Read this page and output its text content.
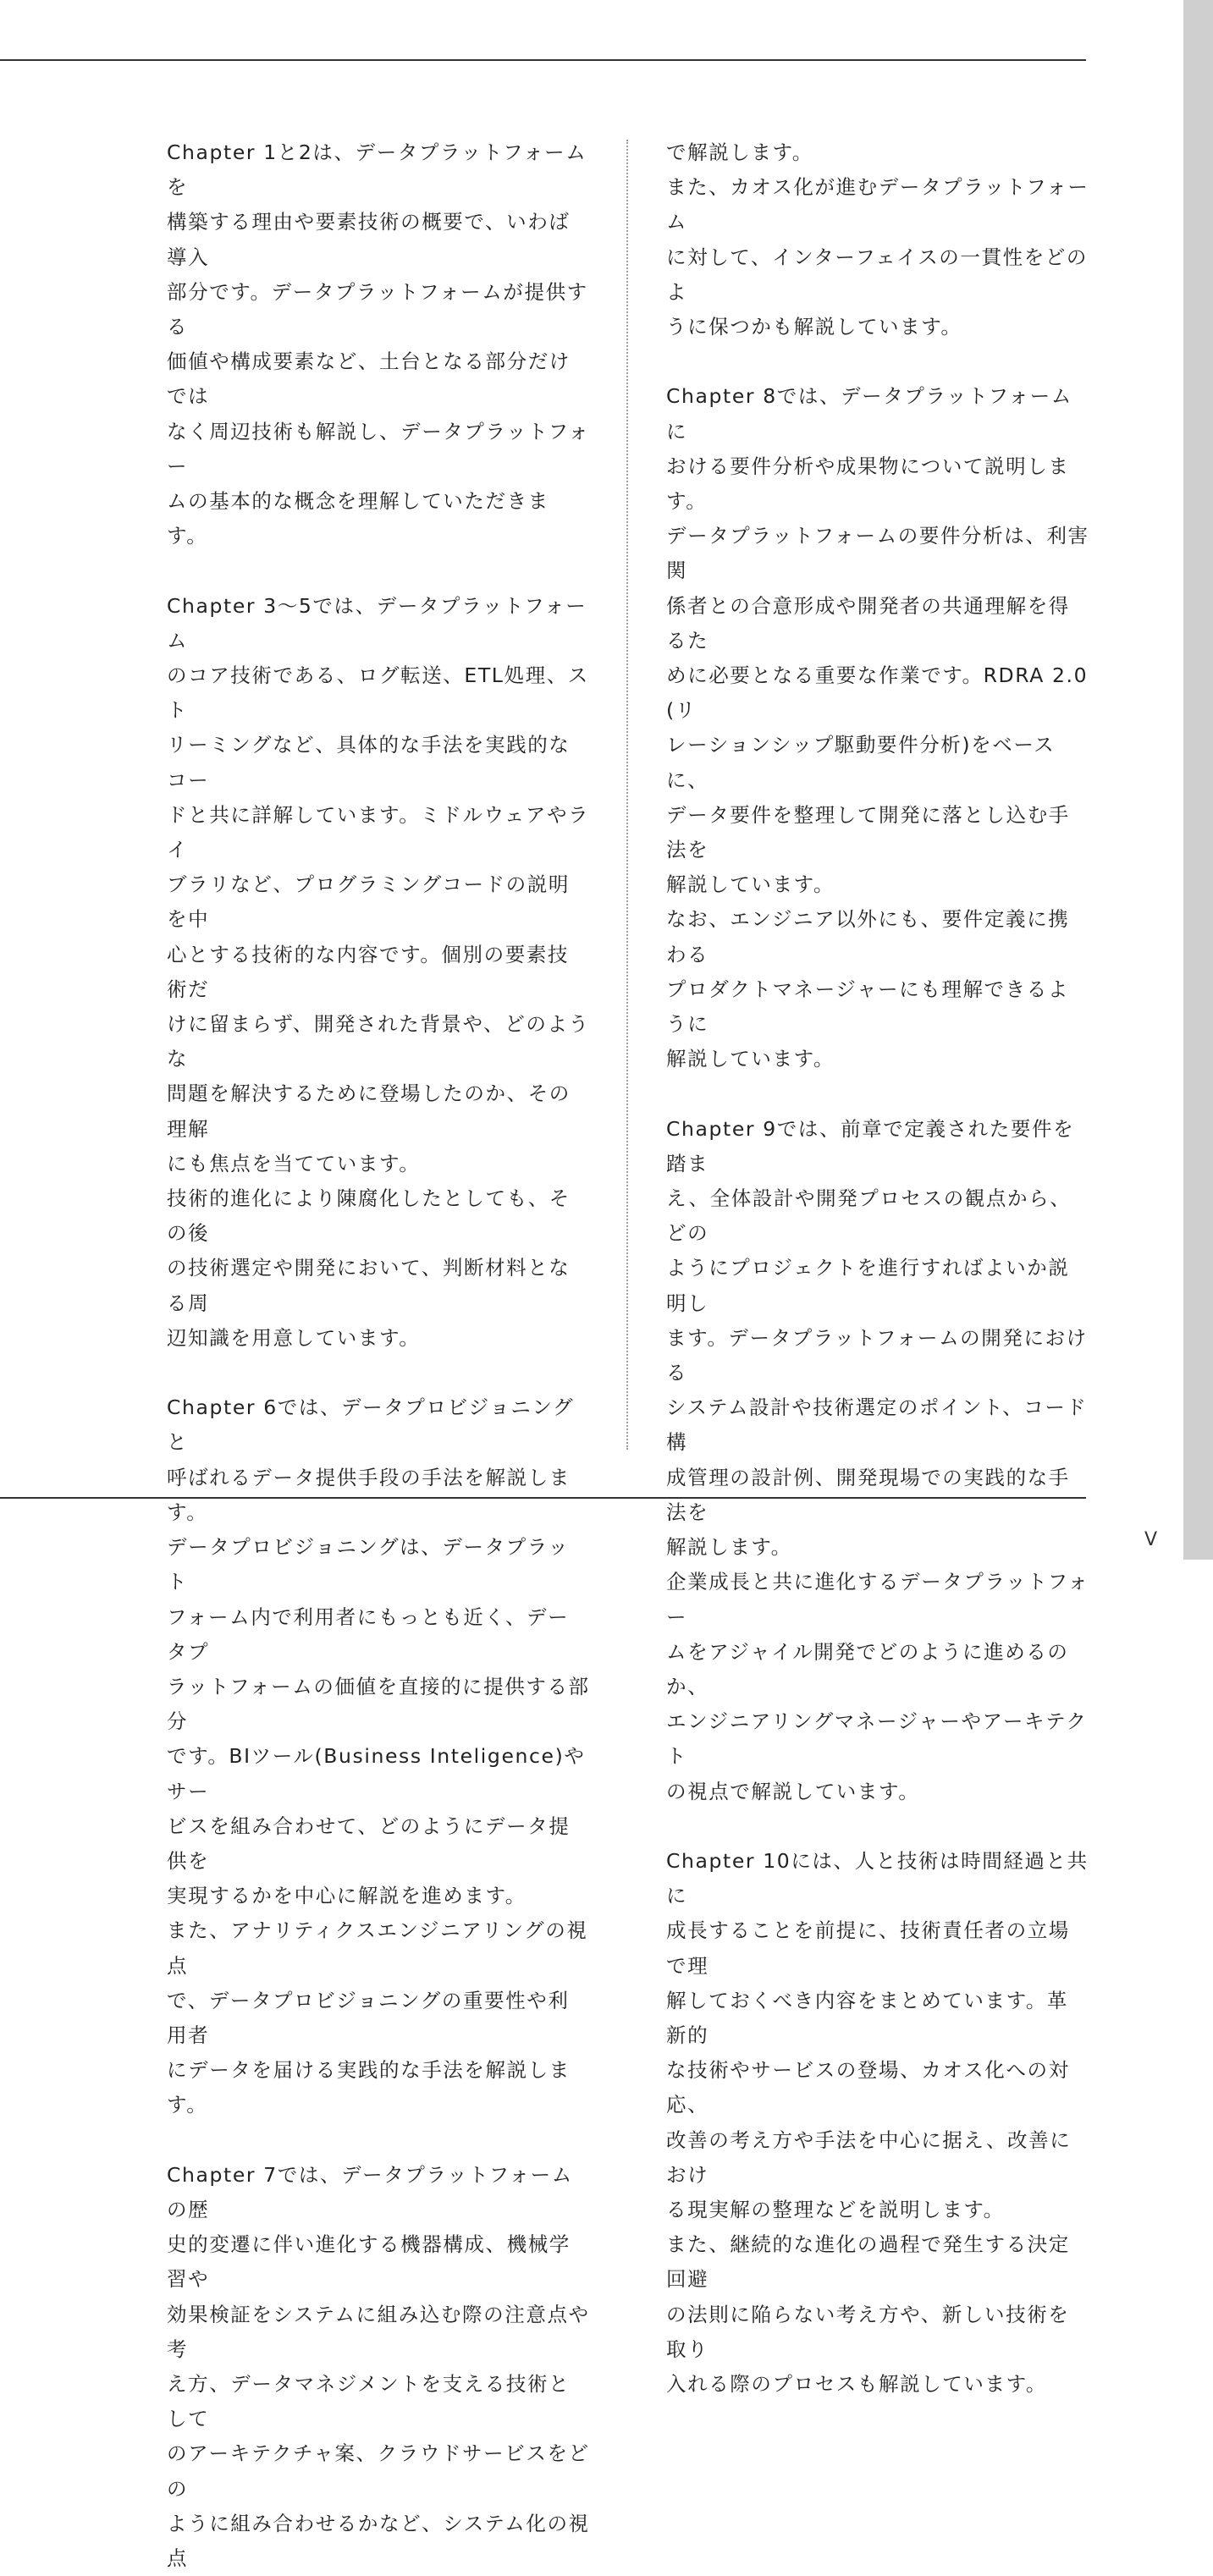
Chapter 1と2は、データプラットフォームを
構築する理由や要素技術の概要で、いわば導入
部分です。データプラットフォームが提供する
価値や構成要素など、土台となる部分だけでは
なく周辺技術も解説し、データプラットフォー
ムの基本的な概念を理解していただきます。

Chapter 3〜5では、データプラットフォーム
のコア技術である、ログ転送、ETL処理、スト
リーミングなど、具体的な手法を実践的なコー
ドと共に詳解しています。ミドルウェアやライ
ブラリなど、プログラミングコードの説明を中
心とする技術的な内容です。個別の要素技術だ
けに留まらず、開発された背景や、どのような
問題を解決するために登場したのか、その理解
にも焦点を当てています。

技術的進化により陳腐化したとしても、その後
の技術選定や開発において、判断材料となる周
辺知識を用意しています。

Chapter 6では、データプロビジョニングと
呼ばれるデータ提供手段の手法を解説します。
データプロビジョニングは、データプラット
フォーム内で利用者にもっとも近く、データプ
ラットフォームの価値を直接的に提供する部分
です。BIツール(Business Inteligence)やサー
ビスを組み合わせて、どのようにデータ提供を
実現するかを中心に解説を進めます。

また、アナリティクスエンジニアリングの視点
で、データプロビジョニングの重要性や利用者
にデータを届ける実践的な手法を解説します。

Chapter 7では、データプラットフォームの歴
史的変遷に伴い進化する機器構成、機械学習や
効果検証をシステムに組み込む際の注意点や考
え方、データマネジメントを支える技術として
のアーキテクチャ案、クラウドサービスをどの
ように組み合わせるかなど、システム化の視点

で解説します。

また、カオス化が進むデータプラットフォーム
に対して、インターフェイスの一貫性をどのよ
うに保つかも解説しています。

Chapter 8では、データプラットフォームに
おける要件分析や成果物について説明します。
データプラットフォームの要件分析は、利害関
係者との合意形成や開発者の共通理解を得るた
めに必要となる重要な作業です。RDRA 2.0(リ
レーションシップ駆動要件分析)をベースに、
データ要件を整理して開発に落とし込む手法を
解説しています。

なお、エンジニア以外にも、要件定義に携わる
プロダクトマネージャーにも理解できるように
解説しています。

Chapter 9では、前章で定義された要件を踏ま
え、全体設計や開発プロセスの観点から、どの
ようにプロジェクトを進行すればよいか説明し
ます。データプラットフォームの開発における
システム設計や技術選定のポイント、コード構
成管理の設計例、開発現場での実践的な手法を
解説します。

企業成長と共に進化するデータプラットフォー
ムをアジャイル開発でどのように進めるのか、
エンジニアリングマネージャーやアーキテクト
の視点で解説しています。

Chapter 10には、人と技術は時間経過と共に
成長することを前提に、技術責任者の立場で理
解しておくべき内容をまとめています。革新的
な技術やサービスの登場、カオス化への対応、
改善の考え方や手法を中心に据え、改善におけ
る現実解の整理などを説明します。

また、継続的な進化の過程で発生する決定回避
の法則に陥らない考え方や、新しい技術を取り
入れる際のプロセスも解説しています。

V
